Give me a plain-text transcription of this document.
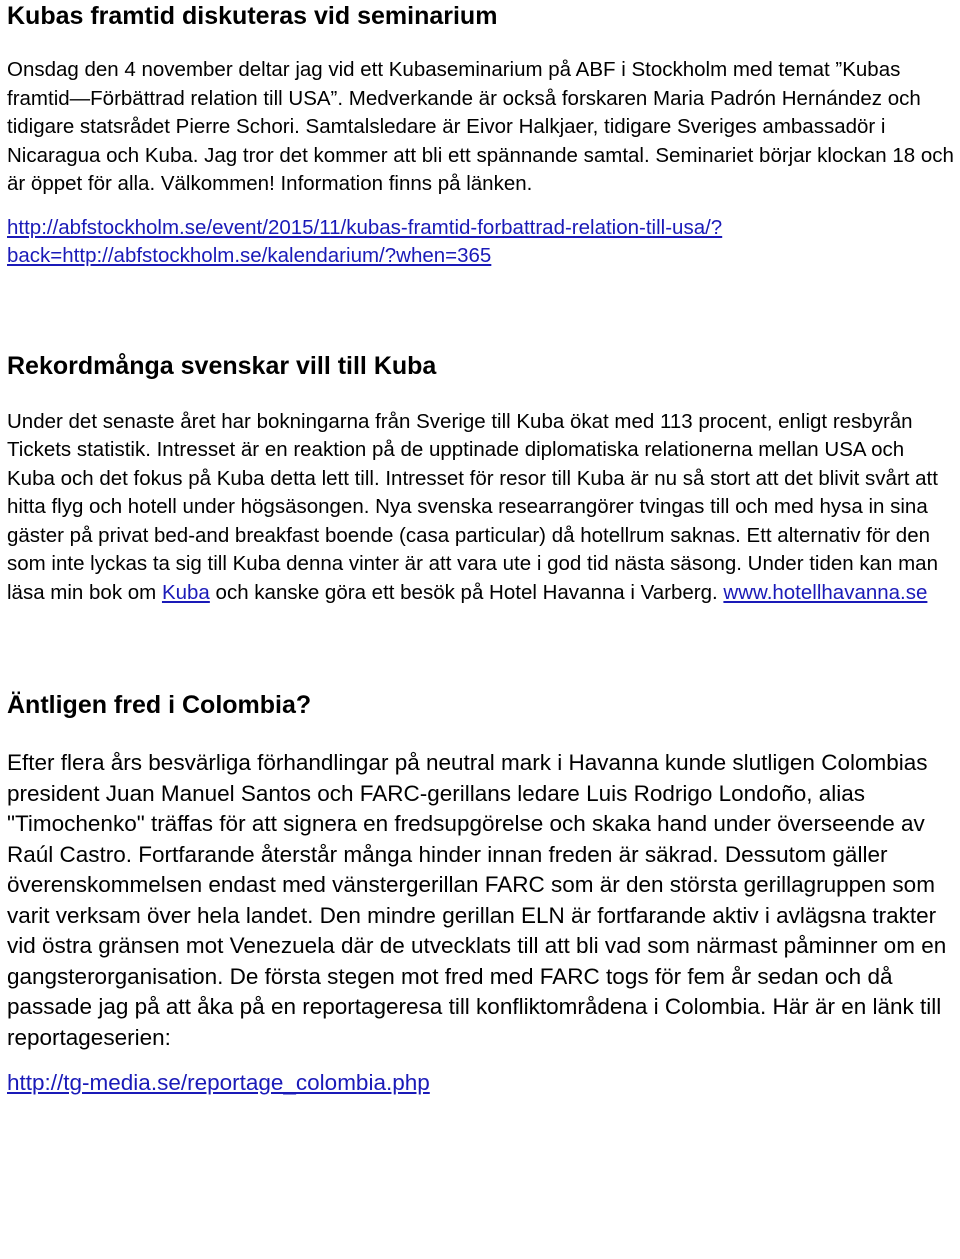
Kubas framtid diskuteras vid seminarium

Onsdag den 4 november deltar jag vid ett Kubaseminarium på ABF i Stockholm med temat ”Kubas framtid—Förbättrad relation till USA”. Medverkande är också forskaren Maria Padrón Hernández och tidigare statsrådet Pierre Schori. Samtalsledare är Eivor Halkjaer, tidigare Sveriges ambassadör i Nicaragua och Kuba. Jag tror det kommer att bli ett spännande samtal. Seminariet börjar klockan 18 och är öppet för alla. Välkommen! Information finns på länken.

http://abfstockholm.se/event/2015/11/kubas-framtid-forbattrad-relation-till-usa/?back=http://abfstockholm.se/kalendarium/?when=365

Rekordmånga svenskar vill till Kuba

Under det senaste året har bokningarna från Sverige till Kuba ökat med 113 procent, enligt resbyrån Tickets statistik. Intresset är en reaktion på de upptinade diplomatiska relationerna mellan USA och Kuba och det fokus på Kuba detta lett till. Intresset för resor till Kuba är nu så stort att det blivit svårt att hitta flyg och hotell under högsäsongen. Nya svenska researrangörer tvingas till och med hysa in sina gäster på privat bed-and breakfast boende (casa particular) då hotellrum saknas. Ett alternativ för den som inte lyckas ta sig till Kuba denna vinter är att vara ute i god tid nästa säsong. Under tiden kan man läsa min bok om Kuba och kanske göra ett besök på Hotel Havanna i Varberg. www.hotellhavanna.se

Äntligen fred i Colombia?

Efter flera års besvärliga förhandlingar på neutral mark i Havanna kunde slutligen Colombias president Juan Manuel Santos och FARC-gerillans ledare Luis Rodrigo Londoño, alias "Timochenko" träffas för att signera en fredsupgörelse och skaka hand under överseende av Raúl Castro. Fortfarande återstår många hinder innan freden är säkrad. Dessutom gäller överenskommelsen endast med vänstergerillan FARC som är den största gerillagruppen som varit verksam över hela landet. Den mindre gerillan ELN är fortfarande aktiv i avlägsna trakter vid östra gränsen mot Venezuela där de utvecklats till att bli vad som närmast påminner om en gangsterorganisation. De första stegen mot fred med FARC togs för fem år sedan och då passade jag på att åka på en reportageresa till konfliktområdena i Colombia. Här är en länk till reportageserien:

http://tg-media.se/reportage_colombia.php
